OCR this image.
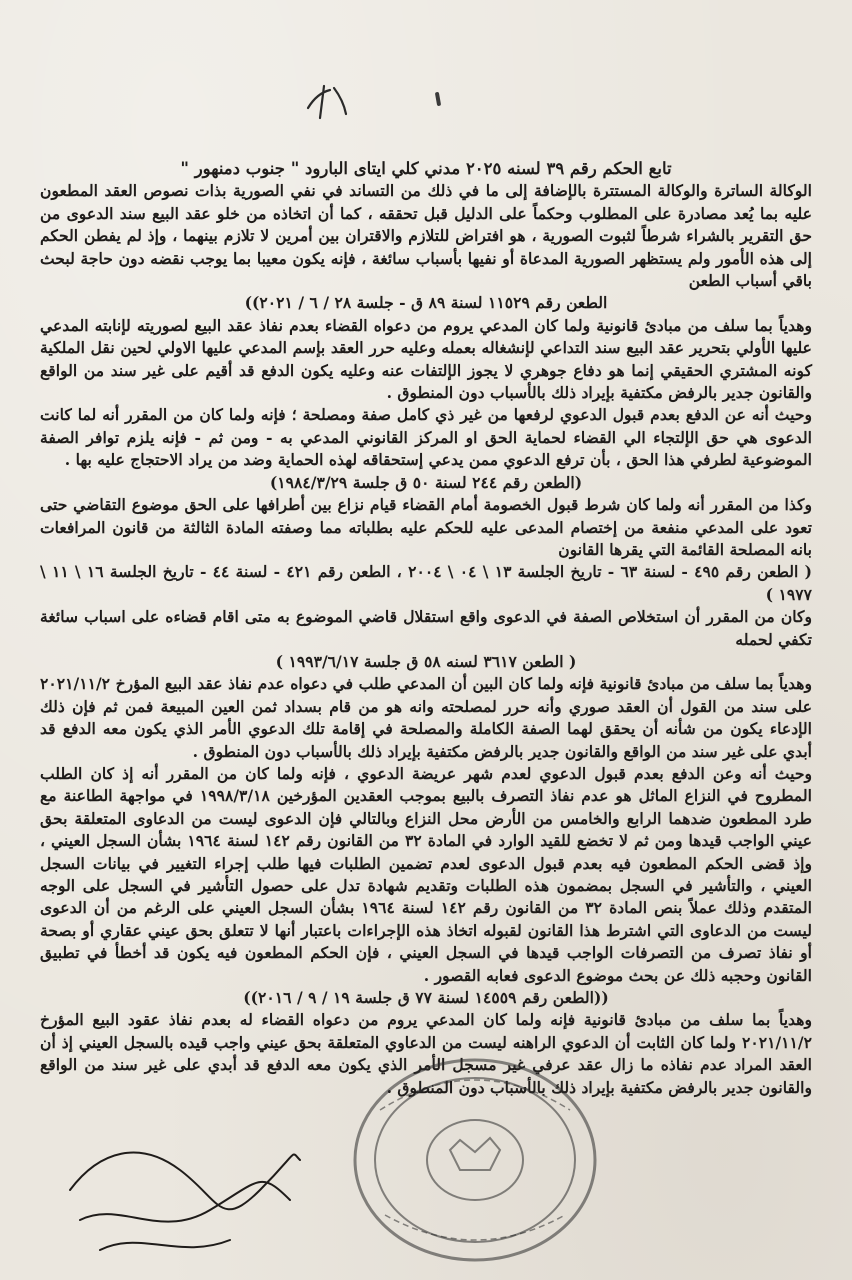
تابع الحكم رقم ٣٩ لسنه ٢٠٢٥ مدني كلي ايتاى البارود " جنوب دمنهور "

الوكالة الساترة والوكالة المستترة بالإضافة إلى ما في ذلك من التساند في نفي الصورية بذات نصوص العقد المطعون عليه بما يُعد مصادرة على المطلوب وحكماً على الدليل قبل تحققه ، كما أن اتخاذه من خلو عقد البيع سند الدعوى من حق التقرير بالشراء شرطاً لثبوت الصورية ، هو افتراض للتلازم والاقتران بين أمرين لا تلازم بينهما ، وإذ لم يفطن الحكم إلى هذه الأمور ولم يستظهر الصورية المدعاة أو نفيها بأسباب سائغة ، فإنه يكون معيبا بما يوجب نقضه دون حاجة لبحث باقي أسباب الطعن

الطعن رقم ١١٥٢٩ لسنة ٨٩ ق - جلسة ٢٨ / ٦ / ٢٠٢١))

وهدياً بما سلف من مبادئ قانونية ولما كان المدعي يروم من دعواه القضاء بعدم نفاذ عقد البيع لصوريته لإنابته المدعي عليها الأولي بتحرير عقد البيع سند التداعي لإنشغاله بعمله وعليه حرر العقد بإسم المدعي عليها الاولي لحين نقل الملكية كونه المشتري الحقيقي إنما هو دفاع جوهري لا يجوز الإلتفات عنه وعليه يكون الدفع قد أقيم على غير سند من الواقع والقانون جدير بالرفض مكتفية بإيراد ذلك بالأسباب دون المنطوق .

وحيث أنه عن الدفع بعدم قبول الدعوي لرفعها من غير ذي كامل صفة ومصلحة ؛ فإنه ولما كان من المقرر أنه لما كانت الدعوى هي حق الإلتجاء الي القضاء لحماية الحق او المركز القانوني المدعي به - ومن ثم - فإنه يلزم توافر الصفة الموضوعية لطرفي هذا الحق ، بأن ترفع الدعوي ممن يدعي إستحقاقه لهذه الحماية وضد من يراد الاحتجاج عليه بها .

(الطعن رقم ٢٤٤ لسنة ٥٠ ق جلسة ١٩٨٤/٣/٢٩)

وكذا من المقرر أنه ولما كان شرط قبول الخصومة أمام القضاء قيام نزاع بين أطرافها على الحق موضوع التقاضي حتى تعود على المدعي منفعة من إختصام المدعى عليه للحكم عليه بطلباته مما وصفته المادة الثالثة من قانون المرافعات بانه المصلحة القائمة التي يقرها القانون

( الطعن رقم ٤٩٥ - لسنة ٦٣ - تاريخ الجلسة ١٣ \ ٠٤ \ ٢٠٠٤ ، الطعن رقم ٤٢١ - لسنة ٤٤ - تاريخ الجلسة ١٦ \ ١١ \ ١٩٧٧ )

وكان من المقرر أن استخلاص الصفة في الدعوى واقع استقلال قاضي الموضوع به متى اقام قضاءه على اسباب سائغة تكفي لحمله

( الطعن ٣٦١٧ لسنه ٥٨ ق جلسة ١٩٩٣/٦/١٧ )

وهدياً بما سلف من مبادئ قانونية فإنه ولما كان البين أن المدعي طلب في دعواه عدم نفاذ عقد البيع المؤرخ ٢٠٢١/١١/٢ على سند من القول أن العقد صوري وأنه حرر لمصلحته وانه هو من قام بسداد ثمن العين المبيعة فمن ثم فإن ذلك الإدعاء يكون من شأنه أن يحقق لهما الصفة الكاملة والمصلحة في إقامة تلك الدعوي الأمر الذي يكون معه الدفع قد أبدي على غير سند من الواقع والقانون جدير بالرفض مكتفية بإيراد ذلك بالأسباب دون المنطوق .

وحيث أنه وعن الدفع بعدم قبول الدعوي لعدم شهر عريضة الدعوي ، فإنه ولما كان من المقرر أنه إذ كان الطلب المطروح في النزاع الماثل هو عدم نفاذ التصرف بالبيع بموجب العقدين المؤرخين ١٩٩٨/٣/١٨ في مواجهة الطاعنة مع طرد المطعون ضدهما الرابع والخامس من الأرض محل النزاع وبالتالي فإن الدعوى ليست من الدعاوى المتعلقة بحق عيني الواجب قيدها ومن ثم لا تخضع للقيد الوارد في المادة ٣٢ من القانون رقم ١٤٢ لسنة ١٩٦٤ بشأن السجل العيني ، وإذ قضى الحكم المطعون فيه بعدم قبول الدعوى لعدم تضمين الطلبات فيها طلب إجراء التغيير في بيانات السجل العيني ، والتأشير في السجل بمضمون هذه الطلبات وتقديم شهادة تدل على حصول التأشير في السجل على الوجه المتقدم وذلك عملاً بنص المادة ٣٢ من القانون رقم ١٤٢ لسنة ١٩٦٤ بشأن السجل العيني على الرغم من أن الدعوى ليست من الدعاوى التي اشترط هذا القانون لقبوله اتخاذ هذه الإجراءات باعتبار أنها لا تتعلق بحق عيني عقاري أو بصحة أو نفاذ تصرف من التصرفات الواجب قيدها في السجل العيني ، فإن الحكم المطعون فيه يكون قد أخطأ في تطبيق القانون وحجبه ذلك عن بحث موضوع الدعوى فعابه القصور .

((الطعن رقم ١٤٥٥٩ لسنة ٧٧ ق جلسة ١٩ / ٩ / ٢٠١٦))

وهدياً بما سلف من مبادئ قانونية فإنه ولما كان المدعي يروم من دعواه القضاء له بعدم نفاذ عقود البيع المؤرخ ٢٠٢١/١١/٢ ولما كان الثابت أن الدعوي الراهنه ليست من الدعاوي المتعلقة بحق عيني واجب قيده بالسجل العيني إذ أن العقد المراد عدم نفاذه ما زال عقد عرفي غير مسجل الأمر الذي يكون معه الدفع قد أبدي على غير سند من الواقع والقانون جدير بالرفض مكتفية بإيراد ذلك بالأسباب دون المنطوق .
